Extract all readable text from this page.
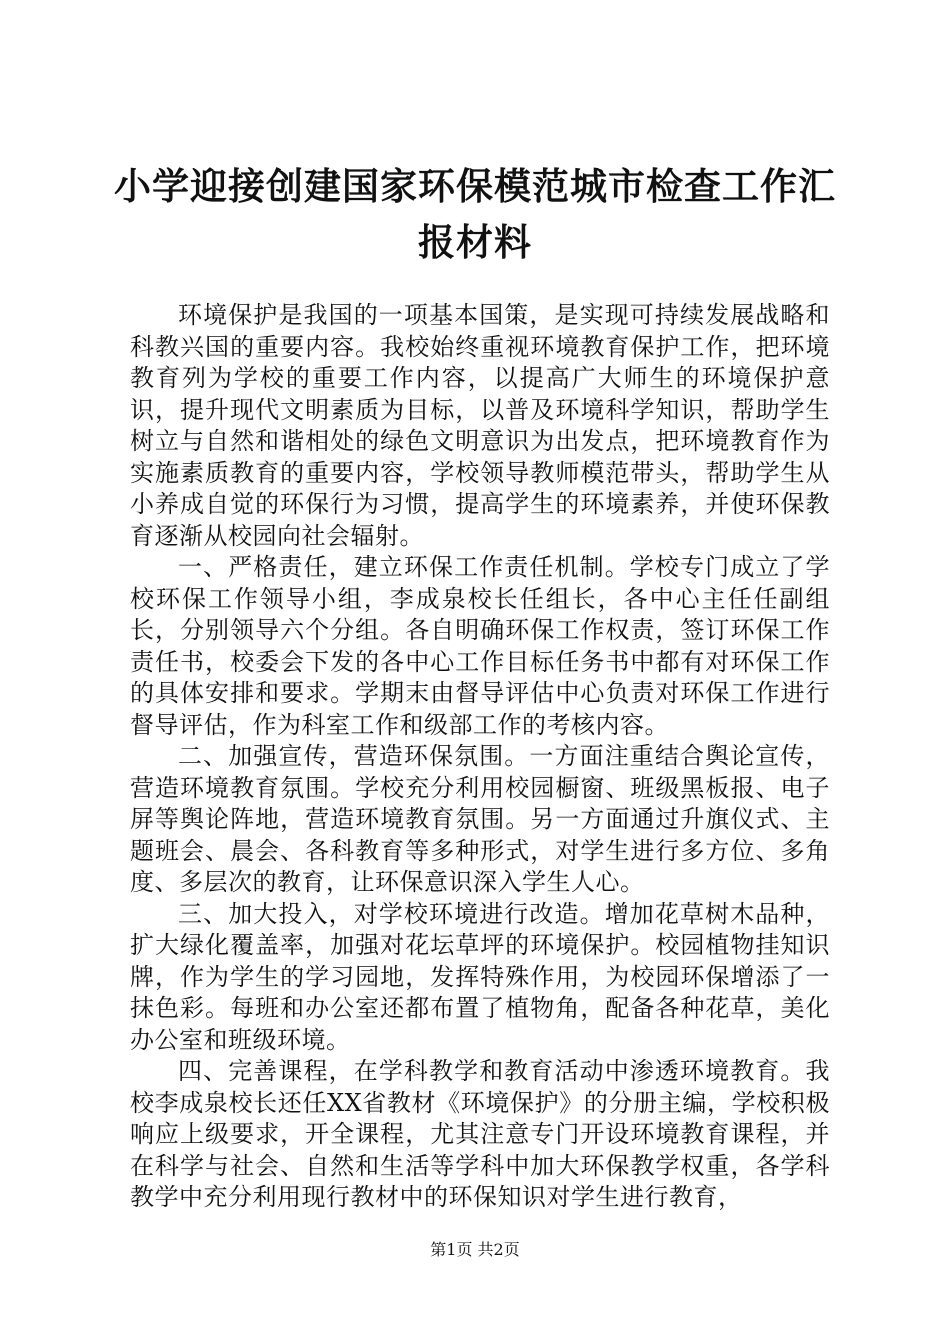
小学迎接创建国家环保模范城市检查工作汇报材料

环境保护是我国的一项基本国策，是实现可持续发展战略和科教兴国的重要内容。我校始终重视环境教育保护工作，把环境教育列为学校的重要工作内容，以提高广大师生的环境保护意识，提升现代文明素质为目标，以普及环境科学知识，帮助学生树立与自然和谐相处的绿色文明意识为出发点，把环境教育作为实施素质教育的重要内容，学校领导教师模范带头，帮助学生从小养成自觉的环保行为习惯，提高学生的环境素养，并使环保教育逐渐从校园向社会辐射。

一、严格责任，建立环保工作责任机制。学校专门成立了学校环保工作领导小组，李成泉校长任组长，各中心主任任副组长，分别领导六个分组。各自明确环保工作权责，签订环保工作责任书，校委会下发的各中心工作目标任务书中都有对环保工作的具体安排和要求。学期末由督导评估中心负责对环保工作进行督导评估，作为科室工作和级部工作的考核内容。

二、加强宣传，营造环保氛围。一方面注重结合舆论宣传，营造环境教育氛围。学校充分利用校园橱窗、班级黑板报、电子屏等舆论阵地，营造环境教育氛围。另一方面通过升旗仪式、主题班会、晨会、各科教育等多种形式，对学生进行多方位、多角度、多层次的教育，让环保意识深入学生人心。

三、加大投入，对学校环境进行改造。增加花草树木品种，扩大绿化覆盖率，加强对花坛草坪的环境保护。校园植物挂知识牌，作为学生的学习园地，发挥特殊作用，为校园环保增添了一抹色彩。每班和办公室还都布置了植物角，配备各种花草，美化办公室和班级环境。

四、完善课程，在学科教学和教育活动中渗透环境教育。我校李成泉校长还任XX省教材《环境保护》的分册主编，学校积极响应上级要求，开全课程，尤其注意专门开设环境教育课程，并在科学与社会、自然和生活等学科中加大环保教学权重，各学科教学中充分利用现行教材中的环保知识对学生进行教育，

第1页 共2页
